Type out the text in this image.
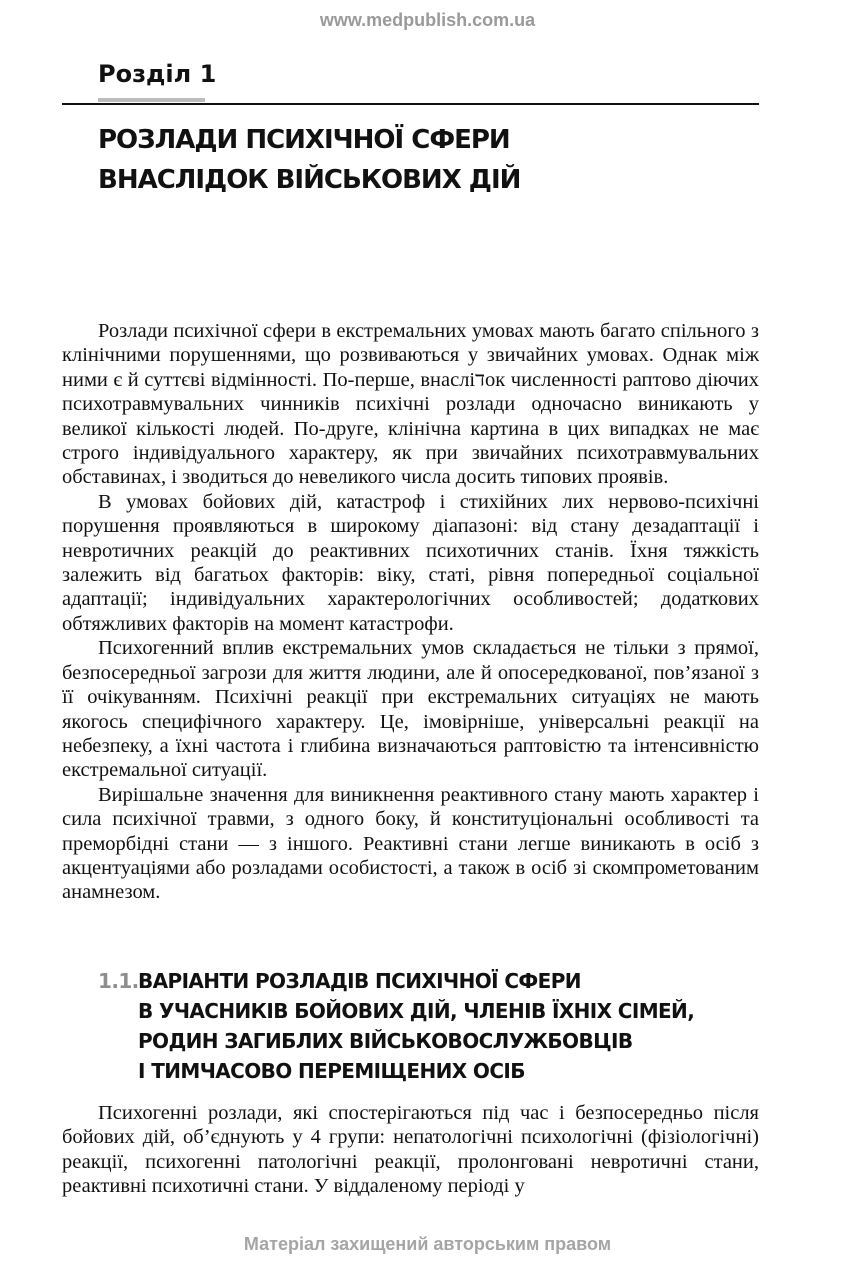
www.medpublish.com.ua
Розділ 1
РОЗЛАДИ ПСИХІЧНОЇ СФЕРИ
ВНАСЛІДОК ВІЙСЬКОВИХ ДІЙ

Розлади психічної сфери в екстремальних умовах мають багато спільного з клінічними порушеннями, що розвиваються у звичайних умовах. Однак між ними є й суттєві відмінності. По-перше, внасліדок численності раптово діючих психотравмувальних чинників психічні розлади одночасно виникають у великої кількості людей. По-друге, клінічна картина в цих випадках не має строго індивідуального характеру, як при звичайних психотравмувальних обставинах, і зводиться до невеликого числа досить типових проявів.

В умовах бойових дій, катастроф і стихійних лих нервово-психічні порушення проявляються в широкому діапазоні: від стану дезадаптації і невротичних реакцій до реактивних психотичних станів. Їхня тяжкість залежить від багатьох факторів: віку, статі, рівня попередньої соціальної адаптації; індивідуальних характерологічних особливостей; додаткових обтяжливих факторів на момент катастрофи.

Психогенний вплив екстремальних умов складається не тільки з прямої, безпосередньої загрози для життя людини, але й опосередкованої, пов’язаної з її очікуванням. Психічні реакції при екстремальних ситуаціях не мають якогось специфічного характеру. Це, імовірніше, універсальні реакції на небезпеку, а їхні частота і глибина визначаються раптовістю та інтенсивністю екстремальної ситуації.

Вирішальне значення для виникнення реактивного стану мають характер і сила психічної травми, з одного боку, й конституціональні особливості та преморбідні стани — з іншого. Реактивні стани легше виникають в осіб з акцентуаціями або розладами особистості, а також в осіб зі скомпрометованим анамнезом.

1.1. ВАРІАНТИ РОЗЛАДІВ ПСИХІЧНОЇ СФЕРИ
В УЧАСНИКІВ БОЙОВИХ ДІЙ, ЧЛЕНІВ ЇХНІХ СІМЕЙ,
РОДИН ЗАГИБЛИХ ВІЙСЬКОВОСЛУЖБОВЦІВ
І ТИМЧАСОВО ПЕРЕМІЩЕНИХ ОСІБ

Психогенні розлади, які спостерігаються під час і безпосередньо після бойових дій, об’єднують у 4 групи: непатологічні психологічні (фізіологічні) реакції, психогенні патологічні реакції, пролонговані невротичні стани, реактивні психотичні стани. У віддаленому періоді у

Матеріал захищений авторським правом
